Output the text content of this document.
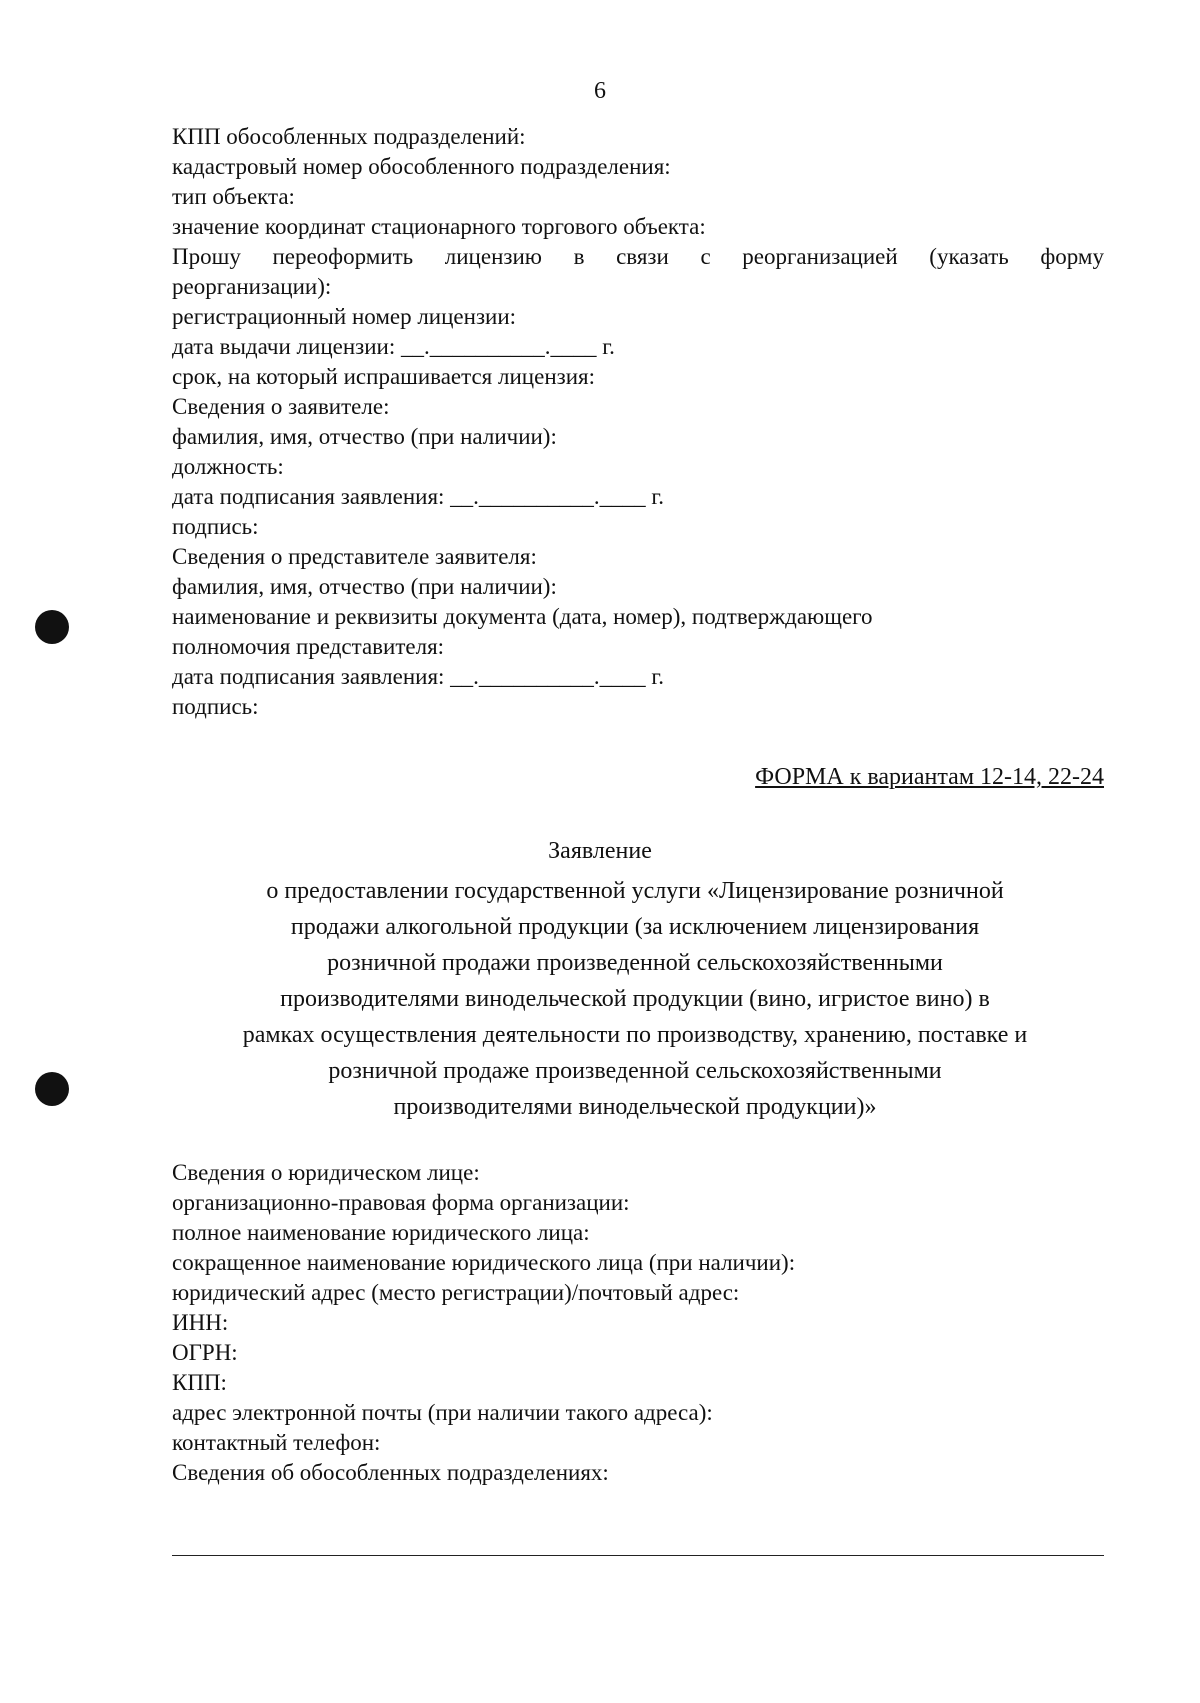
6
КПП обособленных подразделений:
кадастровый номер обособленного подразделения:
тип объекта:
значение координат стационарного торгового объекта:
Прошу переоформить лицензию в связи с реорганизацией (указать форму
реорганизации):
регистрационный номер лицензии:
дата выдачи лицензии: __.__________.____ г.
срок, на который испрашивается лицензия:
Сведения о заявителе:
фамилия, имя, отчество (при наличии):
должность:
дата подписания заявления: __.__________.____ г.
подпись:
Сведения о представителе заявителя:
фамилия, имя, отчество (при наличии):
наименование и реквизиты документа (дата, номер), подтверждающего
полномочия представителя:
дата подписания заявления: __.__________.____ г.
подпись:
ФОРМА к вариантам 12-14, 22-24
Заявление
о предоставлении государственной услуги «Лицензирование розничной
продажи алкогольной продукции (за исключением лицензирования
розничной продажи произведенной сельскохозяйственными
производителями винодельческой продукции (вино, игристое вино) в
рамках осуществления деятельности по производству, хранению, поставке и
розничной продаже произведенной сельскохозяйственными
производителями винодельческой продукции)»
Сведения о юридическом лице:
организационно-правовая форма организации:
полное наименование юридического лица:
сокращенное наименование юридического лица (при наличии):
юридический адрес (место регистрации)/почтовый адрес:
ИНН:
ОГРН:
КПП:
адрес электронной почты (при наличии такого адреса):
контактный телефон:
Сведения об обособленных подразделениях:
